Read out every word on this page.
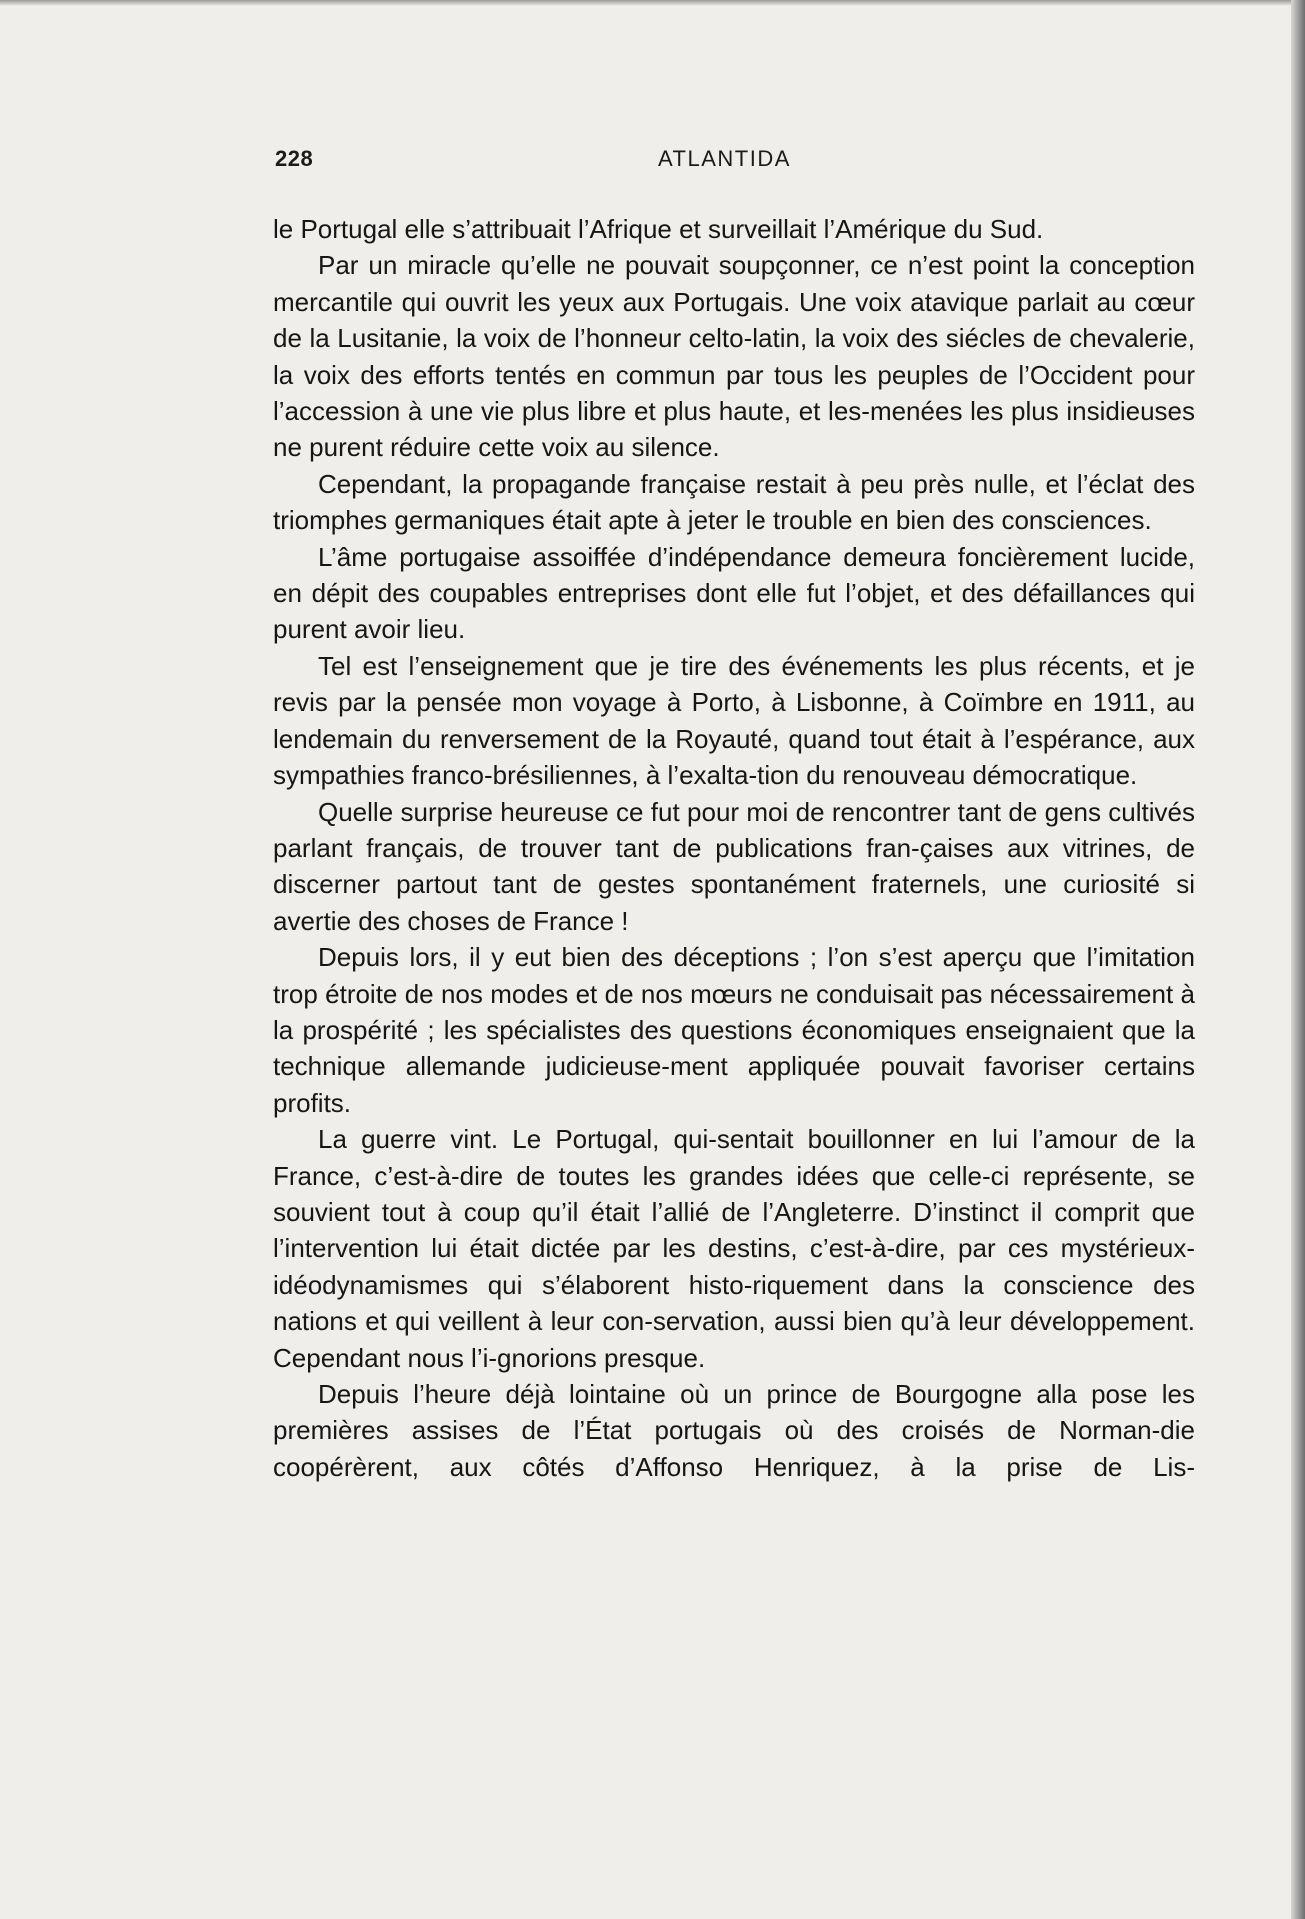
228	ATLANTIDA

le Portugal elle s’attribuait l’Afrique et surveillait l’Amérique du Sud.

Par un miracle qu’elle ne pouvait soupçonner, ce n’est point la conception mercantile qui ouvrit les yeux aux Portugais. Une voix atavique parlait au cœur de la Lusitanie, la voix de l’honneur celto-latin, la voix des siécles de chevalerie, la voix des efforts tentés en commun par tous les peuples de l’Occident pour l’accession à une vie plus libre et plus haute, et les-menées les plus insidieuses ne purent réduire cette voix au silence.

Cependant, la propagande française restait à peu près nulle, et l’éclat des triomphes germaniques était apte à jeter le trouble en bien des consciences.

L’âme portugaise assoiffée d’indépendance demeura foncièrement lucide, en dépit des coupables entreprises dont elle fut l’objet, et des défaillances qui purent avoir lieu.

Tel est l’enseignement que je tire des événements les plus récents, et je revis par la pensée mon voyage à Porto, à Lisbonne, à Coïmbre en 1911, au lendemain du renversement de la Royauté, quand tout était à l’espérance, aux sympathies franco-brésiliennes, à l’exalta-tion du renouveau démocratique.

Quelle surprise heureuse ce fut pour moi de rencontrer tant de gens cultivés parlant français, de trouver tant de publications fran-çaises aux vitrines, de discerner partout tant de gestes spontanément fraternels, une curiosité si avertie des choses de France !

Depuis lors, il y eut bien des déceptions ; l’on s’est aperçu que l’imitation trop étroite de nos modes et de nos mœurs ne conduisait pas nécessairement à la prospérité ; les spécialistes des questions économiques enseignaient que la technique allemande judicieuse-ment appliquée pouvait favoriser certains profits.

La guerre vint. Le Portugal, qui-sentait bouillonner en lui l’amour de la France, c’est-à-dire de toutes les grandes idées que celle-ci représente, se souvient tout à coup qu’il était l’allié de l’Angleterre. D’instinct il comprit que l’intervention lui était dictée par les destins, c’est-à-dire, par ces mystérieux-idéodynamismes qui s’élaborent histo-riquement dans la conscience des nations et qui veillent à leur con-servation, aussi bien qu’à leur développement. Cependant nous l’i-gnorions presque.

Depuis l’heure déjà lointaine où un prince de Bourgogne alla pose les premières assises de l’État portugais où des croisés de Norman-die coopérèrent, aux côtés d’Affonso Henriquez, à la prise de Lis-
